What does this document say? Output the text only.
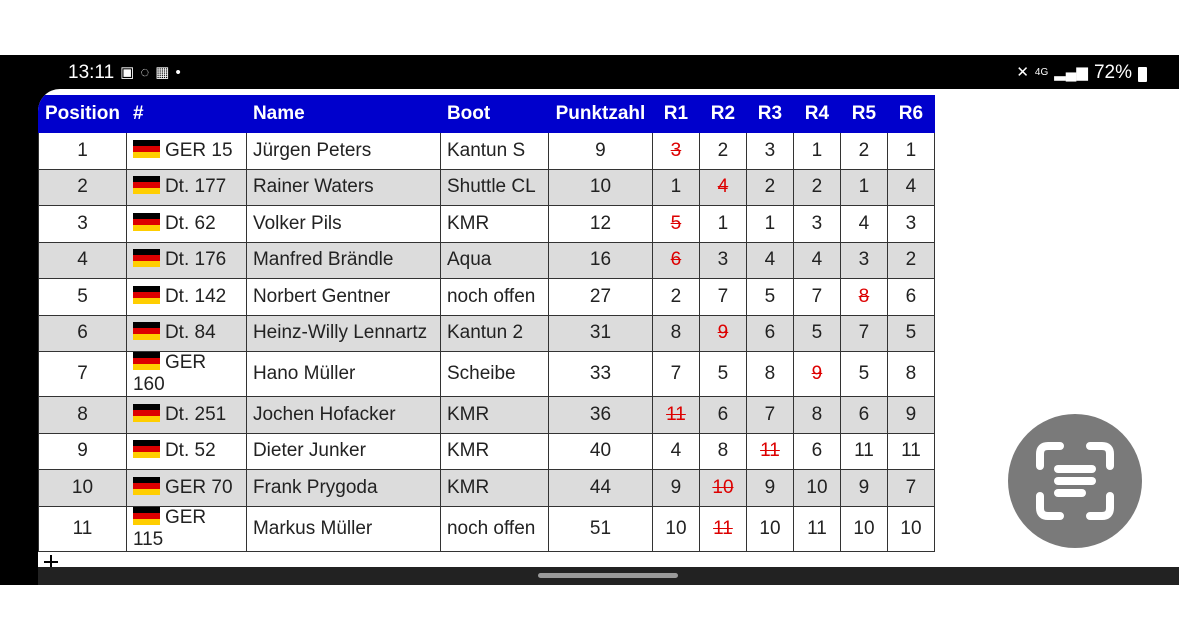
13:11 ▣ ◌ ▦ •	✕ 4G ▂▄▆ 72%
Position	#	Name	Boot	Punktzahl	R1	R2	R3	R4	R5	R6
1	GER 15	Jürgen Peters	Kantun S	9	3	2	3	1	2	1
2	Dt. 177	Rainer Waters	Shuttle CL	10	1	4	2	2	1	4
3	Dt. 62	Volker Pils	KMR	12	5	1	1	3	4	3
4	Dt. 176	Manfred Brändle	Aqua	16	6	3	4	4	3	2
5	Dt. 142	Norbert Gentner	noch offen	27	2	7	5	7	8	6
6	Dt. 84	Heinz-Willy Lennartz	Kantun 2	31	8	9	6	5	7	5
7	GER 160	Hano Müller	Scheibe	33	7	5	8	9	5	8
8	Dt. 251	Jochen Hofacker	KMR	36	11	6	7	8	6	9
9	Dt. 52	Dieter Junker	KMR	40	4	8	11	6	11	11
10	GER 70	Frank Prygoda	KMR	44	9	10	9	10	9	7
11	GER 115	Markus Müller	noch offen	51	10	11	10	11	10	10
